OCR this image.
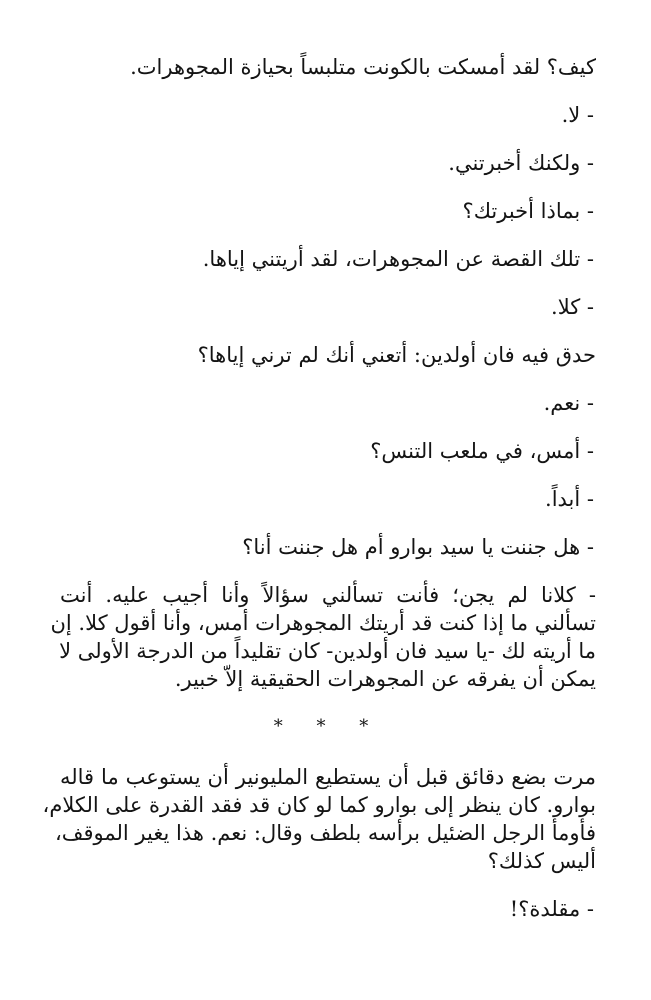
كيف؟ لقد أمسكت بالكونت متلبساً بحيازة المجوهرات.
- لا.
- ولكنك أخبرتني.
- بماذا أخبرتك؟
- تلك القصة عن المجوهرات، لقد أريتني إياها.
- كلا.
حدق فيه فان أولدين: أتعني أنك لم ترني إياها؟
- نعم.
- أمس، في ملعب التنس؟
- أبداً.
- هل جننت يا سيد بوارو أم هل جننت أنا؟
- كلانا لم يجن؛ فأنت تسألني سؤالاً وأنا أجيب عليه. أنت
تسألني ما إذا كنت قد أريتك المجوهرات أمس، وأنا أقول كلا. إن
ما أريته لك -يا سيد فان أولدين- كان تقليداً من الدرجة الأولى لا
يمكن أن يفرقه عن المجوهرات الحقيقية إلاّ خبير.
* * *
مرت بضع دقائق قبل أن يستطيع المليونير أن يستوعب ما قاله
بوارو. كان ينظر إلى بوارو كما لو كان قد فقد القدرة على الكلام،
فأومأ الرجل الضئيل برأسه بلطف وقال: نعم. هذا يغير الموقف،
أليس كذلك؟
- مقلدة؟!
